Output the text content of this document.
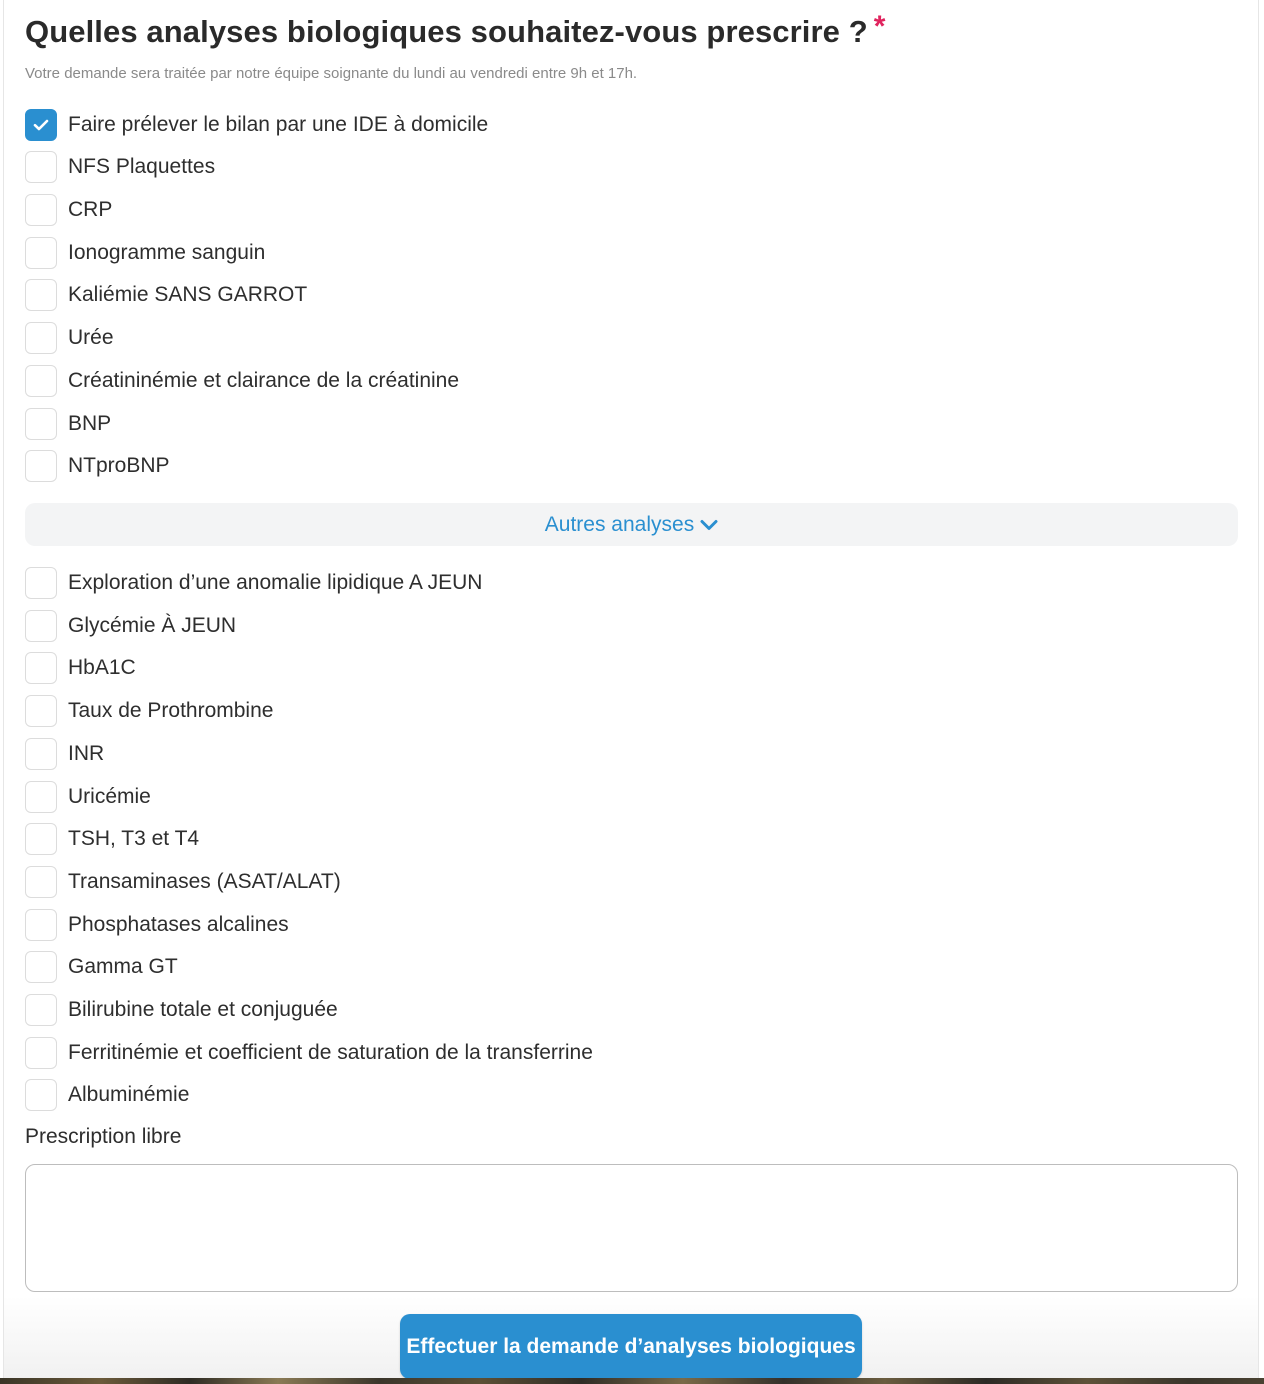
Quelles analyses biologiques souhaitez-vous prescrire ? *

Votre demande sera traitée par notre équipe soignante du lundi au vendredi entre 9h et 17h.

Faire prélever le bilan par une IDE à domicile
NFS Plaquettes
CRP
Ionogramme sanguin
Kaliémie SANS GARROT
Urée
Créatininémie et clairance de la créatinine
BNP
NTproBNP
Autres analyses
Exploration d’une anomalie lipidique A JEUN
Glycémie À JEUN
HbA1C
Taux de Prothrombine
INR
Uricémie
TSH, T3 et T4
Transaminases (ASAT/ALAT)
Phosphatases alcalines
Gamma GT
Bilirubine totale et conjuguée
Ferritinémie et coefficient de saturation de la transferrine
Albuminémie
Prescription libre
Effectuer la demande d’analyses biologiques
